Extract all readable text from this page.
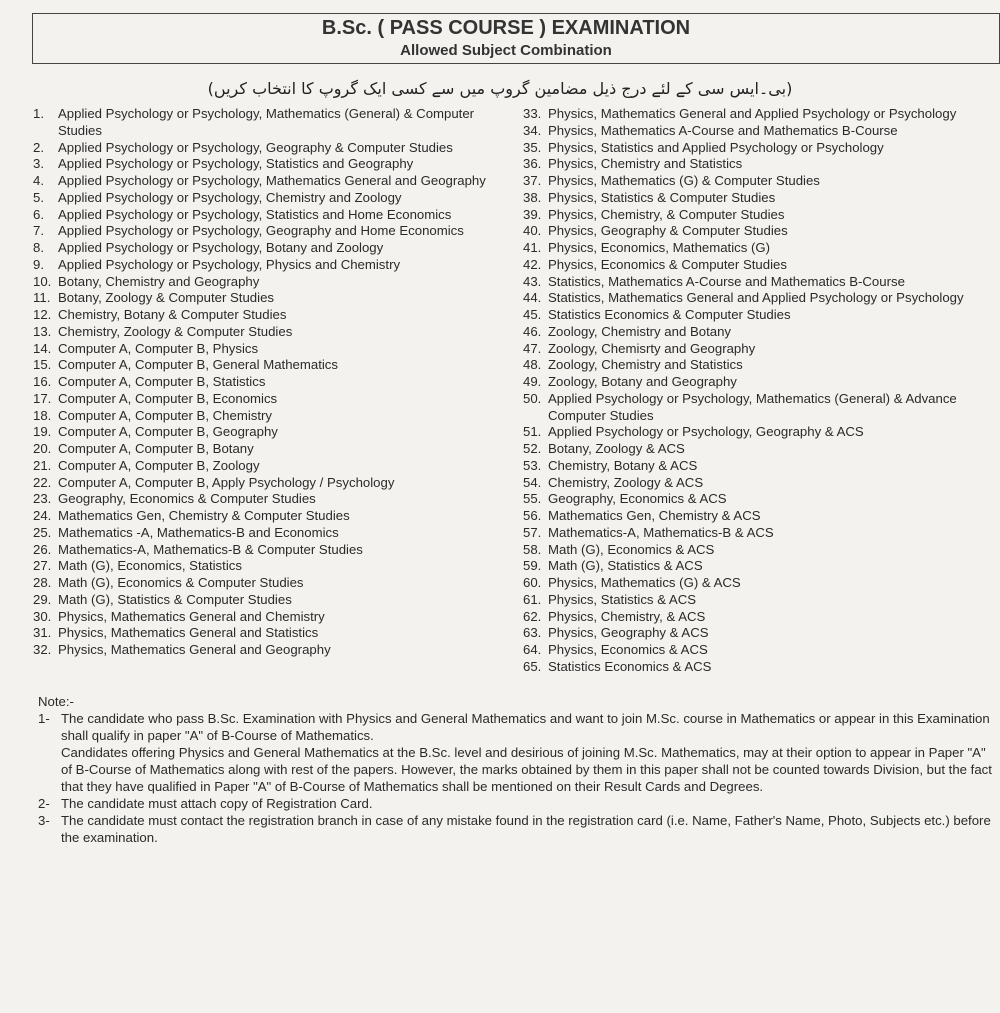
B.Sc. ( PASS COURSE ) EXAMINATION
Allowed Subject Combination
(بی۔ایس سی کے لئے درج ذیل مضامین گروپ میں سے کسی ایک گروپ کا انتخاب کریں)
1. Applied Psychology or Psychology, Mathematics (General) & Computer Studies
2. Applied Psychology or Psychology, Geography & Computer Studies
3. Applied Psychology or Psychology, Statistics and Geography
4. Applied Psychology or Psychology, Mathematics General and Geography
5. Applied Psychology or Psychology, Chemistry and Zoology
6. Applied Psychology or Psychology, Statistics and Home Economics
7. Applied Psychology or Psychology, Geography and Home Economics
8. Applied Psychology or Psychology, Botany and Zoology
9. Applied Psychology or Psychology, Physics and Chemistry
10. Botany, Chemistry and Geography
11. Botany, Zoology & Computer Studies
12. Chemistry, Botany & Computer Studies
13. Chemistry, Zoology & Computer Studies
14. Computer A, Computer B, Physics
15. Computer A, Computer B, General Mathematics
16. Computer A, Computer B, Statistics
17. Computer A, Computer B, Economics
18. Computer A, Computer B, Chemistry
19. Computer A, Computer B, Geography
20. Computer A, Computer B, Botany
21. Computer A, Computer B, Zoology
22. Computer A, Computer B, Apply Psychology / Psychology
23. Geography, Economics & Computer Studies
24. Mathematics Gen, Chemistry & Computer Studies
25. Mathematics -A, Mathematics-B and Economics
26. Mathematics-A, Mathematics-B & Computer Studies
27. Math (G), Economics, Statistics
28. Math (G), Economics & Computer Studies
29. Math (G), Statistics & Computer Studies
30. Physics, Mathematics General and Chemistry
31. Physics, Mathematics General and Statistics
32. Physics, Mathematics General and Geography
33. Physics, Mathematics General and Applied Psychology or Psychology
34. Physics, Mathematics A-Course and Mathematics B-Course
35. Physics, Statistics and Applied Psychology or Psychology
36. Physics, Chemistry and Statistics
37. Physics, Mathematics (G) & Computer Studies
38. Physics, Statistics & Computer Studies
39. Physics, Chemistry, & Computer Studies
40. Physics, Geography & Computer Studies
41. Physics, Economics, Mathematics (G)
42. Physics, Economics & Computer Studies
43. Statistics, Mathematics A-Course and Mathematics B-Course
44. Statistics, Mathematics General and Applied Psychology or Psychology
45. Statistics Economics & Computer Studies
46. Zoology, Chemistry and Botany
47. Zoology, Chemisrty and Geography
48. Zoology, Chemistry and Statistics
49. Zoology, Botany and Geography
50. Applied Psychology or Psychology, Mathematics (General) & Advance Computer Studies
51. Applied Psychology or Psychology, Geography & ACS
52. Botany, Zoology & ACS
53. Chemistry, Botany & ACS
54. Chemistry, Zoology & ACS
55. Geography, Economics & ACS
56. Mathematics Gen, Chemistry & ACS
57. Mathematics-A, Mathematics-B & ACS
58. Math (G), Economics & ACS
59. Math (G), Statistics & ACS
60. Physics, Mathematics (G) & ACS
61. Physics, Statistics & ACS
62. Physics, Chemistry, & ACS
63. Physics, Geography & ACS
64. Physics, Economics & ACS
65. Statistics Economics & ACS
Note:-
1- The candidate who pass B.Sc. Examination with Physics and General Mathematics and want to join M.Sc. course in Mathematics or appear in this Examination shall qualify in paper "A" of B-Course of Mathematics.
Candidates offering Physics and General Mathematics at the B.Sc. level and desirious of joining M.Sc. Mathematics, may at their option to appear in Paper "A" of B-Course of Mathematics along with rest of the papers. However, the marks obtained by them in this paper shall not be counted towards Division, but the fact that they have qualified in Paper "A" of B-Course of Mathematics shall be mentioned on their Result Cards and Degrees.
2- The candidate must attach copy of Registration Card.
3- The candidate must contact the registration branch in case of any mistake found in the registration card (i.e. Name, Father's Name, Photo, Subjects etc.) before the examination.
